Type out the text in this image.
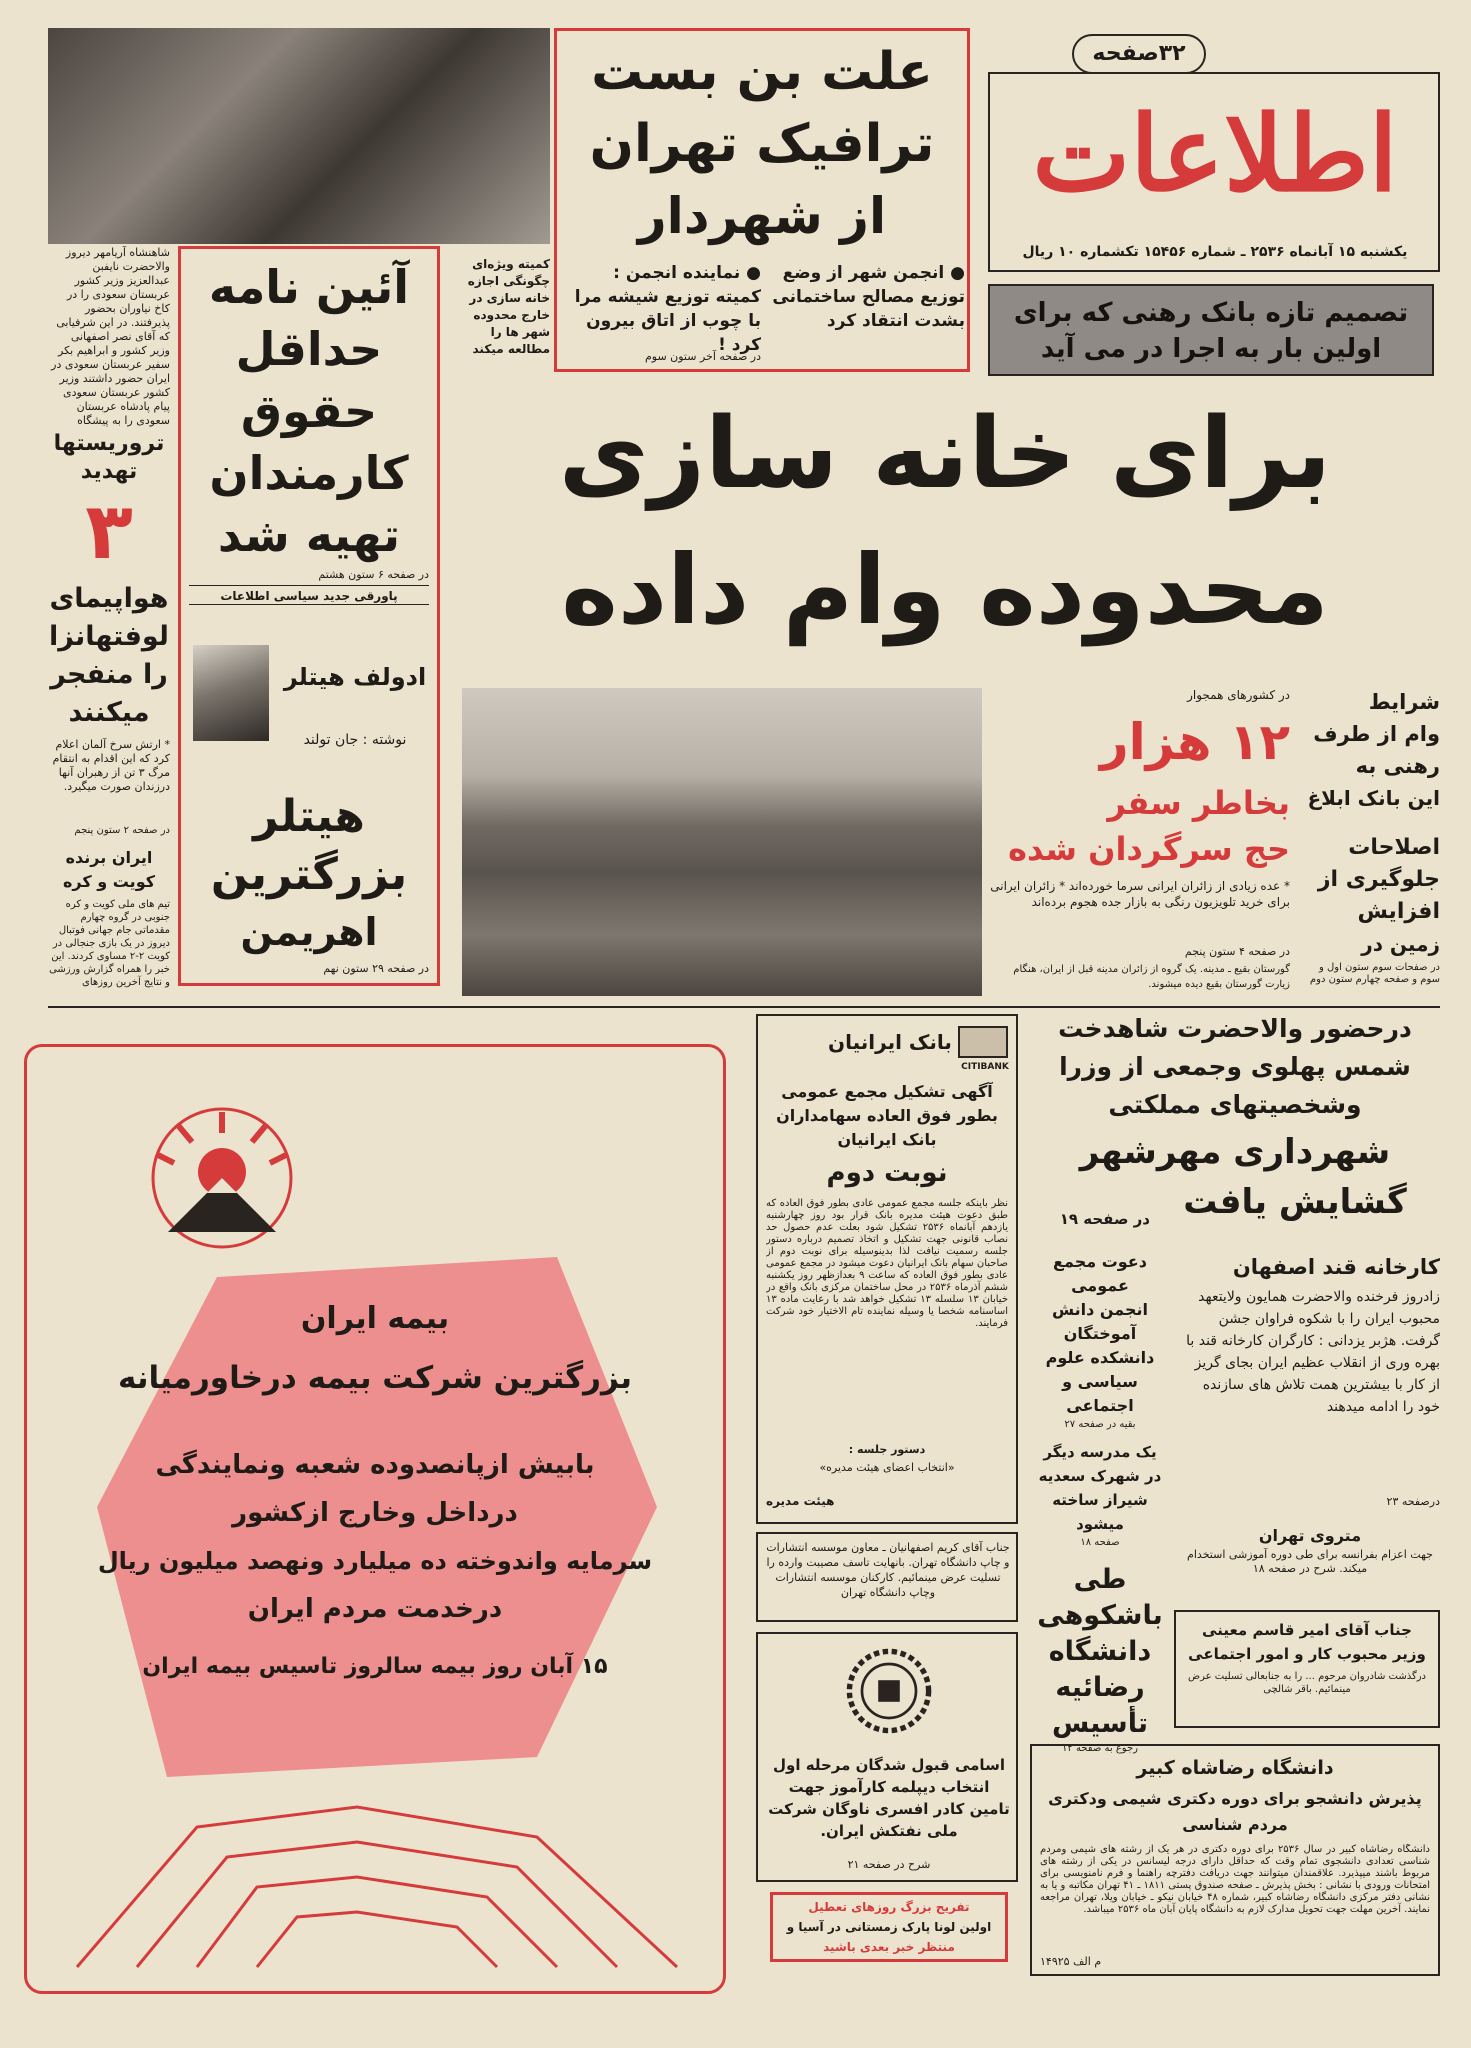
اطلاعات
یکشنبه ۱۵ آبانماه ۲۵۳۶ ـ شماره ۱۵۴۵۶ تکشماره ۱۰ ریال
۳۲صفحه
تصمیم تازه بانک رهنی که برای
اولین بار به اجرا در می آید
علت بن بست
ترافیک تهران
از شهردار
● انجمن شهر از وضع توزیع مصالح ساختمانی بشدت انتقاد کرد
● نماینده انجمن : کمیته توزیع شیشه مرا با چوب از اتاق بیرون کرد !
در صفحه آخر ستون سوم
شاهنشاه آریامهر دیروز والاحضرت نایفبن عبدالعزیز وزیر کشور عربستان سعودی را در کاخ نیاوران بحضور پذیرفتند. در این شرفیابی که آقای نصر اصفهانی وزیر کشور و ابراهیم بکر سفیر عربستان سعودی در ایران حضور داشتند وزیر کشور عربستان سعودی پیام پادشاه عربستان سعودی را به پیشگاه
کمیته ویژه‌ای چگونگی اجازه خانه سازی در خارج محدوده شهر ها را مطالعه میکند
برای خانه سازی
محدوده وام داده
تروریستها
تهدید
۳
هواپیمای
لوفتهانزا
را منفجر
میکنند
* ارتش سرخ آلمان اعلام کرد که این اقدام به انتقام مرگ ۳ تن از رهبران آنها درزندان صورت میگیرد.
در صفحه ۲ ستون پنجم
ایران برنده
کویت و کره
تیم های ملی کویت و کره جنوبی در گروه چهارم مقدماتی جام جهانی فوتبال دیروز در یک بازی جنجالی در کویت ۲-۲ مساوی کردند. این خبر را همراه گزارش ورزشی و نتایج آخرین روزهای
آئین نامه
حداقل
حقوق
کارمندان
تهیه شد
در صفحه ۶ ستون هشتم
پاورقی جدید سیاسی اطلاعات
ادولف هیتلر
نوشته : جان تولند
هیتلر
بزرگترین
اهریمن
در صفحه ۲۹ ستون نهم
در کشورهای همجوار
۱۲ هزار
بخاطر سفر
حج سرگردان شده
* عده زیادی از زائران ایرانی سرما خورده‌اند * زائران ایرانی برای خرید تلویزیون رنگی به بازار جده هجوم برده‌اند
در صفحه ۴ ستون پنجم
گورستان بقیع ـ مدینه. یک گروه از زائران مدینه قبل از ایران، هنگام زیارت گورستان بقیع دیده میشوند.
شرایط
وام از طرف
رهنی به
این بانک ابلاغ
اصلاحات
جلوگیری از
افزایش
زمین در
در صفحات سوم ستون اول و سوم و صفحه چهارم ستون دوم
بیمه ایران
بزرگترین شرکت بیمه درخاورمیانه
بابیش ازپانصدوده شعبه ونمایندگی
درداخل وخارج ازکشور
سرمایه واندوخته ده میلیارد ونهصد میلیون ریال
درخدمت مردم ایران
۱۵ آبان روز بیمه سالروز تاسیس بیمه ایران
بانک ایرانیان
CITIBANK
آگهی تشکیل مجمع عمومی
بطور فوق العاده سهامداران
بانک ایرانیان
نوبت دوم
نظر باینکه جلسه مجمع عمومی عادی بطور فوق العاده که طبق دعوت هیئت مدیره بانک قرار بود روز چهارشنبه یازدهم آبانماه ۲۵۳۶ تشکیل شود بعلت عدم حصول حد نصاب قانونی جهت تشکیل و اتخاذ تصمیم درباره دستور جلسه رسمیت نیافت لذا بدینوسیله برای نوبت دوم از صاحبان سهام بانک ایرانیان دعوت میشود در مجمع عمومی عادی بطور فوق العاده که ساعت ۹ بعدازظهر روز یکشنبه ششم آذرماه ۲۵۳۶ در محل ساختمان مرکزی بانک واقع در خیابان ۱۳ سلسله ۱۳ تشکیل خواهد شد با رعایت ماده ۱۳ اساسنامه شخصا یا وسیله نماینده تام الاختیار خود شرکت فرمایند.
دستور جلسه :
«انتخاب اعضای هیئت مدیره»
هیئت مدیره
جناب آقای کریم اصفهانیان ـ معاون موسسه انتشارات و چاپ دانشگاه تهران. بانهایت تاسف مصیبت وارده را تسلیت عرض مینمائیم. کارکنان موسسه انتشارات وچاپ دانشگاه تهران
اسامی قبول شدگان مرحله اول انتخاب دیپلمه کارآموز جهت تامین کادر افسری ناوگان شرکت ملی نفتکش ایران.
شرح در صفحه ۲۱
تفریح بزرگ روزهای تعطیل
اولین لونا پارک زمستانی در آسیا و
منتظر خبر بعدی باشید
درحضور والاحضرت شاهدخت
شمس پهلوی وجمعی از وزرا
وشخصیتهای مملکتی
شهرداری مهرشهر
گشایش یافت
در صفحه ۱۹
کارخانه قند اصفهان
زادروز فرخنده والاحضرت همایون ولایتعهد محبوب ایران را با شکوه فراوان جشن گرفت. هژبر یزدانی : کارگران کارخانه قند با بهره وری از انقلاب عظیم ایران بجای گریز از کار با بیشترین همت تلاش های سازنده خود را ادامه میدهند
درصفحه ۲۳
دعوت مجمع
عمومی
انجمن دانش
آموختگان
دانشکده علوم
سیاسی و
اجتماعی
بقیه در صفحه ۲۷
یک مدرسه دیگر
در شهرک سعدیه
شیراز ساخته
میشود
صفحه ۱۸	متروی تهران
جهت اعزام بفرانسه برای طی دوره آموزشی استخدام میکند. شرح در صفحه ۱۸
طی
باشکوهی
دانشگاه
رضائیه
تأسیس
رجوع به صفحه ۱۲
جناب آقای امیر قاسم معینی
وزیر محبوب کار و امور اجتماعی
درگذشت شادروان مرحوم ... را به جنابعالی تسلیت عرض مینمائیم. باقر شالچی
دانشگاه رضاشاه کبیر
پذیرش دانشجو برای دوره دکتری شیمی ودکتری
مردم شناسی
دانشگاه رضاشاه کبیر در سال ۲۵۳۶ برای دوره دکتری در هر یک از رشته های شیمی ومردم شناسی تعدادی دانشجوی تمام وقت که حداقل دارای درجه لیسانس در یکی از رشته های مربوط باشند میپذیرد. علاقمندان میتوانند جهت دریافت دفترچه راهنما و فرم نامنویسی برای امتحانات ورودی با نشانی : بخش پذیرش ـ صفحه صندوق پستی ۱۸۱۱ ـ ۴۱ تهران مکاتبه و یا به نشانی دفتر مرکزی دانشگاه رضاشاه کبیر، شماره ۴۸ خیابان نیکو ـ خیابان ویلا، تهران مراجعه نمایند. آخرین مهلت جهت تحویل مدارک لازم به دانشگاه پایان آبان ماه ۲۵۳۶ میباشد.
م الف ۱۴۹۲۵
